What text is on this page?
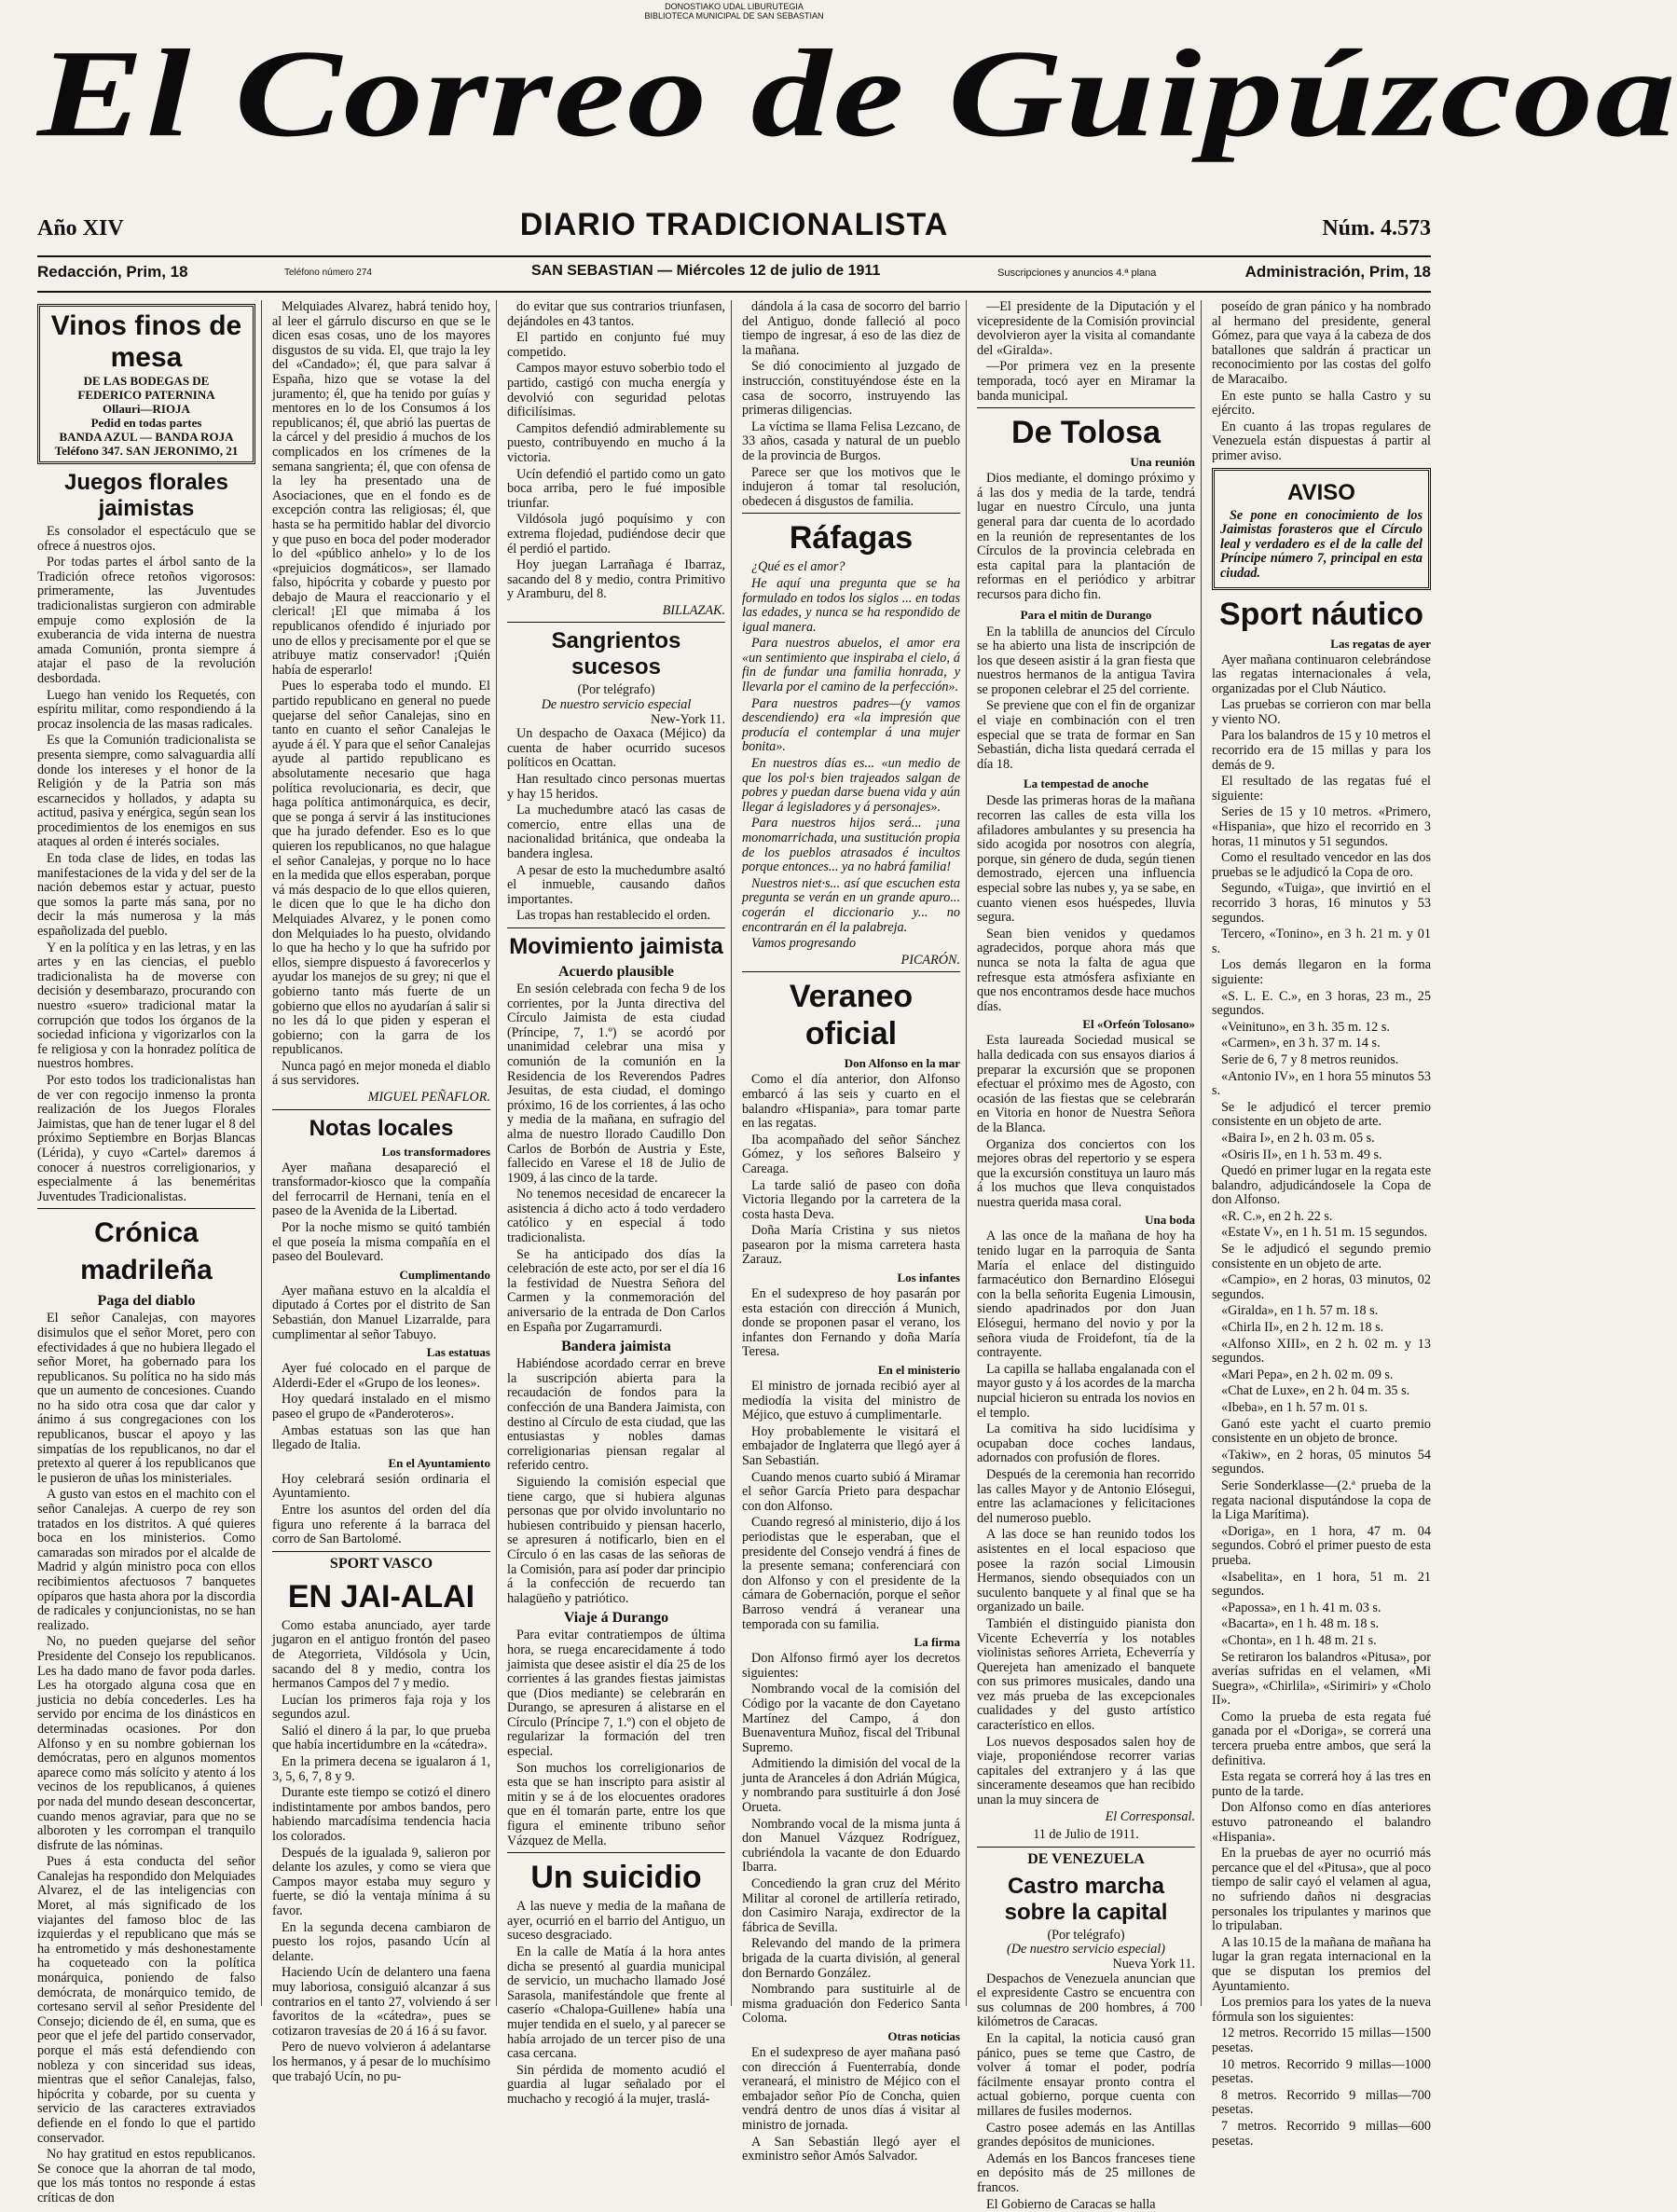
DONOSTIAKO UDAL LIBURUTEGIA
BIBLIOTECA MUNICIPAL DE SAN SEBASTIAN
El Correo de Guipúzcoa
Año XIV	DIARIO TRADICIONALISTA	Núm. 4.573
Redacción, Prim, 18	Teléfono número 274	SAN SEBASTIAN — Miércoles 12 de julio de 1911	Suscripciones y anuncios 4.ª plana	Administración, Prim, 18
Vinos finos de mesa
DE LAS BODEGAS DE
FEDERICO PATERNINA
Ollauri—RIOJA
Pedid en todas partes
BANDA AZUL — BANDA ROJA
Teléfono 347. SAN JERONIMO, 21
Juegos florales jaimistas

Es consolador el espectáculo que se ofrece á nuestros ojos.

Por todas partes el árbol santo de la Tradición ofrece retoños vigorosos: primeramente, las Juventudes tradicionalistas surgieron con admirable empuje como explosión de la exuberancia de vida interna de nuestra amada Comunión, pronta siempre á atajar el paso de la revolución desbordada.

Luego han venido los Requetés, con espíritu militar, como respondiendo á la procaz insolencia de las masas radicales.

Es que la Comunión tradicionalista se presenta siempre, como salvaguardia allí donde los intereses y el honor de la Religión y de la Patria son más escarnecidos y hollados, y adapta su actitud, pasiva y enérgica, según sean los procedimientos de los enemigos en sus ataques al orden é interés sociales.

En toda clase de lides, en todas las manifestaciones de la vida y del ser de la nación debemos estar y actuar, puesto que somos la parte más sana, por no decir la más numerosa y la más españolizada del pueblo.

Y en la política y en las letras, y en las artes y en las ciencias, el pueblo tradicionalista ha de moverse con decisión y desembarazo, procurando con nuestro «suero» tradicional matar la corrupción que todos los órganos de la sociedad inficiona y vigorizarlos con la fe religiosa y con la honradez política de nuestros hombres.

Por esto todos los tradicionalistas han de ver con regocijo inmenso la pronta realización de los Juegos Florales Jaimistas, que han de tener lugar el 8 del próximo Septiembre en Borjas Blancas (Lérida), y cuyo «Cartel» daremos á conocer á nuestros correligionarios, y especialmente á las beneméritas Juventudes Tradicionalistas.

Crónica madrileña
Paga del diablo

El señor Canalejas, con mayores disimulos que el señor Moret, pero con efectividades á que no hubiera llegado el señor Moret, ha gobernado para los republicanos. Su política no ha sido más que un aumento de concesiones. Cuando no ha sido otra cosa que dar calor y ánimo á sus congregaciones con los republicanos, buscar el apoyo y las simpatías de los republicanos, no dar el pretexto al querer á los republicanos que le pusieron de uñas los ministeriales.

A gusto van estos en el machito con el señor Canalejas. A cuerpo de rey son tratados en los distritos. A qué quieres boca en los ministerios. Como camaradas son mirados por el alcalde de Madrid y algún ministro poca con ellos recibimientos afectuosos 7 banquetes opíparos que hasta ahora por la discordia de radicales y conjuncionistas, no se han realizado.

No, no pueden quejarse del señor Presidente del Consejo los republicanos. Les ha dado mano de favor poda darles. Les ha otorgado alguna cosa que en justicia no debía concederles. Les ha servido por encima de los dinásticos en determinadas ocasiones. Por don Alfonso y en su nombre gobiernan los demócratas, pero en algunos momentos aparece como más solícito y atento á los vecinos de los republicanos, á quienes por nada del mundo desean desconcertar, cuando menos agraviar, para que no se alboroten y les corrompan el tranquilo disfrute de las nóminas.

Pues á esta conducta del señor Canalejas ha respondido don Melquiades Alvarez, el de las inteligencias con Moret, al más significado de los viajantes del famoso bloc de las izquierdas y el republicano que más se ha entrometido y más deshonestamente ha coqueteado con la política monárquica, poniendo de falso demócrata, de monárquico temido, de cortesano servil al señor Presidente del Consejo; diciendo de él, en suma, que es peor que el jefe del partido conservador, porque el más está defendiendo con nobleza y con sinceridad sus ideas, mientras que el señor Canalejas, falso, hipócrita y cobarde, por su cuenta y servicio de las caracteres extraviados defiende en el fondo lo que el partido conservador.

No hay gratitud en estos republicanos. Se conoce que la ahorran de tal modo, que los más tontos no responde á estas críticas de don

Melquiades Alvarez, habrá tenido hoy, al leer el gárrulo discurso en que se le dicen esas cosas, uno de los mayores disgustos de su vida. El, que trajo la ley del «Candado»; él, que para salvar á España, hizo que se votase la del juramento; él, que ha tenido por guías y mentores en lo de los Consumos á los republicanos; él, que abrió las puertas de la cárcel y del presidio á muchos de los complicados en los crímenes de la semana sangrienta; él, que con ofensa de la ley ha presentado una de Asociaciones, que en el fondo es de excepción contra las religiosas; él, que hasta se ha permitido hablar del divorcio y que puso en boca del poder moderador lo del «público anhelo» y lo de los «prejuicios dogmáticos», ser llamado falso, hipócrita y cobarde y puesto por debajo de Maura el reaccionario y el clerical! ¡El que mimaba á los republicanos ofendido é injuriado por uno de ellos y precisamente por el que se atribuye matiz conservador! ¡Quién había de esperarlo!

Pues lo esperaba todo el mundo. El partido republicano en general no puede quejarse del señor Canalejas, sino en tanto en cuanto el señor Canalejas le ayude á él. Y para que el señor Canalejas ayude al partido republicano es absolutamente necesario que haga política revolucionaria, es decir, que haga política antimonárquica, es decir, que se ponga á servir á las instituciones que ha jurado defender. Eso es lo que quieren los republicanos, no que halague el señor Canalejas, y porque no lo hace en la medida que ellos esperaban, porque vá más despacio de lo que ellos quieren, le dicen que lo que le ha dicho don Melquiades Alvarez, y le ponen como don Melquiades lo ha puesto, olvidando lo que ha hecho y lo que ha sufrido por ellos, siempre dispuesto á favorecerlos y ayudar los manejos de su grey; ni que el gobierno tanto más fuerte de un gobierno que ellos no ayudarían á salir si no les dá lo que piden y esperan el gobierno; con la garra de los republicanos.

Nunca pagó en mejor moneda el diablo á sus servidores.

MIGUEL PEÑAFLOR.
Notas locales
Los transformadores

Ayer mañana desapareció el transformador-kiosco que la compañía del ferrocarril de Hernani, tenía en el paseo de la Avenida de la Libertad.

Por la noche mismo se quitó también el que poseía la misma compañía en el paseo del Boulevard.

Cumplimentando

Ayer mañana estuvo en la alcaldía el diputado á Cortes por el distrito de San Sebastián, don Manuel Lizarralde, para cumplimentar al señor Tabuyo.

Las estatuas

Ayer fué colocado en el parque de Alderdi-Eder el «Grupo de los leones».

Hoy quedará instalado en el mismo paseo el grupo de «Panderoteros».

Ambas estatuas son las que han llegado de Italia.

En el Ayuntamiento

Hoy celebrará sesión ordinaria el Ayuntamiento.

Entre los asuntos del orden del día figura uno referente á la barraca del corro de San Bartolomé.

SPORT VASCO
EN JAI-ALAI

Como estaba anunciado, ayer tarde jugaron en el antiguo frontón del paseo de Ategorrieta, Vildósola y Ucin, sacando del 8 y medio, contra los hermanos Campos del 7 y medio.

Lucían los primeros faja roja y los segundos azul.

Salió el dinero á la par, lo que prueba que había incertidumbre en la «cátedra».

En la primera decena se igualaron á 1, 3, 5, 6, 7, 8 y 9.

Durante este tiempo se cotizó el dinero indistintamente por ambos bandos, pero habiendo marcadísima tendencia hacia los colorados.

Después de la igualada 9, salieron por delante los azules, y como se viera que Campos mayor estaba muy seguro y fuerte, se dió la ventaja mínima á su favor.

En la segunda decena cambiaron de puesto los rojos, pasando Ucín al delante.

Haciendo Ucín de delantero una faena muy laboriosa, consiguió alcanzar á sus contrarios en el tanto 27, volviendo á ser favoritos de la «cátedra», pues se cotizaron travesías de 20 á 16 á su favor.

Pero de nuevo volvieron á adelantarse los hermanos, y á pesar de lo muchísimo que trabajó Ucín, no pu-

do evitar que sus contrarios triunfasen, dejándoles en 43 tantos.

El partido en conjunto fué muy competido.

Campos mayor estuvo soberbio todo el partido, castigó con mucha energía y devolvió con seguridad pelotas dificilísimas.

Campitos defendió admirablemente su puesto, contribuyendo en mucho á la victoria.

Ucín defendió el partido como un gato boca arriba, pero le fué imposible triunfar.

Vildósola jugó poquísimo y con extrema flojedad, pudiéndose decir que él perdió el partido.

Hoy juegan Larrañaga é Ibarraz, sacando del 8 y medio, contra Primitivo y Aramburu, del 8.

BILLAZAK.
Sangrientos sucesos
(Por telégrafo)
De nuestro servicio especial
New-York 11.

Un despacho de Oaxaca (Méjico) da cuenta de haber ocurrido sucesos políticos en Ocattan.

Han resultado cinco personas muertas y hay 15 heridos.

La muchedumbre atacó las casas de comercio, entre ellas una de nacionalidad británica, que ondeaba la bandera inglesa.

A pesar de esto la muchedumbre asaltó el inmueble, causando daños importantes.

Las tropas han restablecido el orden.

Movimiento jaimista
Acuerdo plausible

En sesión celebrada con fecha 9 de los corrientes, por la Junta directiva del Círculo Jaimista de esta ciudad (Príncipe, 7, 1.º) se acordó por unanimidad celebrar una misa y comunión de la comunión en la Residencia de los Reverendos Padres Jesuitas, de esta ciudad, el domingo próximo, 16 de los corrientes, á las ocho y media de la mañana, en sufragio del alma de nuestro llorado Caudillo Don Carlos de Borbón de Austria y Este, fallecido en Varese el 18 de Julio de 1909, á las cinco de la tarde.

No tenemos necesidad de encarecer la asistencia á dicho acto á todo verdadero católico y en especial á todo tradicionalista.

Se ha anticipado dos días la celebración de este acto, por ser el día 16 la festividad de Nuestra Señora del Carmen y la conmemoración del aniversario de la entrada de Don Carlos en España por Zugarramurdi.

Bandera jaimista

Habiéndose acordado cerrar en breve la suscripción abierta para la recaudación de fondos para la confección de una Bandera Jaimista, con destino al Círculo de esta ciudad, que las entusiastas y nobles damas correligionarias piensan regalar al referido centro.

Siguiendo la comisión especial que tiene cargo, que si hubiera algunas personas que por olvido involuntario no hubiesen contribuido y piensan hacerlo, se apresuren á notificarlo, bien en el Círculo ó en las casas de las señoras de la Comisión, para así poder dar principio á la confección de recuerdo tan halagüeño y patriótico.

Viaje á Durango

Para evitar contratiempos de última hora, se ruega encarecidamente á todo jaimista que desee asistir el día 25 de los corrientes á las grandes fiestas jaimistas que (Dios mediante) se celebrarán en Durango, se apresuren á alistarse en el Círculo (Príncipe 7, 1.º) con el objeto de regularizar la formación del tren especial.

Son muchos los correligionarios de esta que se han inscripto para asistir al mitin y se á de los elocuentes oradores que en él tomarán parte, entre los que figura el eminente tribuno señor Vázquez de Mella.

Un suicidio

A las nueve y media de la mañana de ayer, ocurrió en el barrio del Antiguo, un suceso desgraciado.

En la calle de Matía á la hora antes dicha se presentó al guardia municipal de servicio, un muchacho llamado José Sarasola, manifestándole que frente al caserío «Chalopa-Guillene» había una mujer tendida en el suelo, y al parecer se había arrojado de un tercer piso de una casa cercana.

Sin pérdida de momento acudió el guardia al lugar señalado por el muchacho y recogió á la mujer, traslá-

dándola á la casa de socorro del barrio del Antiguo, donde falleció al poco tiempo de ingresar, á eso de las diez de la mañana.

Se dió conocimiento al juzgado de instrucción, constituyéndose éste en la casa de socorro, instruyendo las primeras diligencias.

La víctima se llama Felisa Lezcano, de 33 años, casada y natural de un pueblo de la provincia de Burgos.

Parece ser que los motivos que le indujeron á tomar tal resolución, obedecen á disgustos de familia.

Ráfagas

¿Qué es el amor?

He aquí una pregunta que se ha formulado en todos los siglos ... en todas las edades, y nunca se ha respondido de igual manera.

Para nuestros abuelos, el amor era «un sentimiento que inspiraba el cielo, á fin de fundar una familia honrada, y llevarla por el camino de la perfección».

Para nuestros padres—(y vamos descendiendo) era «la impresión que producía el contemplar á una mujer bonita».

En nuestros días es... «un medio de que los pol·s bien trajeados salgan de pobres y puedan darse buena vida y aún llegar á legisladores y á personajes».

Para nuestros hijos será... ¡una monomarrichada, una sustitución propia de los pueblos atrasados é incultos porque entonces... ya no habrá familia!

Nuestros niet·s... así que escuchen esta pregunta se verán en un grande apuro... cogerán el diccionario y... no encontrarán en él la palabreja.

Vamos progresando

PICARÓN.
Veraneo oficial
Don Alfonso en la mar

Como el día anterior, don Alfonso embarcó á las seis y cuarto en el balandro «Hispania», para tomar parte en las regatas.

Iba acompañado del señor Sánchez Gómez, y los señores Balseiro y Careaga.

La tarde salió de paseo con doña Victoria llegando por la carretera de la costa hasta Deva.

Doña María Cristina y sus nietos pasearon por la misma carretera hasta Zarauz.

Los infantes

En el sudexpreso de hoy pasarán por esta estación con dirección á Munich, donde se proponen pasar el verano, los infantes don Fernando y doña María Teresa.

En el ministerio

El ministro de jornada recibió ayer al mediodía la visita del ministro de Méjico, que estuvo á cumplimentarle.

Hoy probablemente le visitará el embajador de Inglaterra que llegó ayer á San Sebastián.

Cuando menos cuarto subió á Miramar el señor García Prieto para despachar con don Alfonso.

Cuando regresó al ministerio, dijo á los periodistas que le esperaban, que el presidente del Consejo vendrá á fines de la presente semana; conferenciará con don Alfonso y con el presidente de la cámara de Gobernación, porque el señor Barroso vendrá á veranear una temporada con su familia.

La firma

Don Alfonso firmó ayer los decretos siguientes:

Nombrando vocal de la comisión del Código por la vacante de don Cayetano Martínez del Campo, á don Buenaventura Muñoz, fiscal del Tribunal Supremo.

Admitiendo la dimisión del vocal de la junta de Aranceles á don Adrián Múgica, y nombrando para sustituirle á don José Orueta.

Nombrando vocal de la misma junta á don Manuel Vázquez Rodríguez, cubriéndola la vacante de don Eduardo Ibarra.

Concediendo la gran cruz del Mérito Militar al coronel de artillería retirado, don Casimiro Naraja, exdirector de la fábrica de Sevilla.

Relevando del mando de la primera brigada de la cuarta división, al general don Bernardo González.

Nombrando para sustituirle al de misma graduación don Federico Santa Coloma.

Otras noticias

En el sudexpreso de ayer mañana pasó con dirección á Fuenterrabía, donde veraneará, el ministro de Méjico con el embajador señor Pío de Concha, quien vendrá dentro de unos días á visitar al ministro de jornada.

A San Sebastián llegó ayer el exministro señor Amós Salvador.

—El presidente de la Diputación y el vicepresidente de la Comisión provincial devolvieron ayer la visita al comandante del «Giralda».

—Por primera vez en la presente temporada, tocó ayer en Miramar la banda municipal.

De Tolosa
Una reunión

Dios mediante, el domingo próximo y á las dos y media de la tarde, tendrá lugar en nuestro Círculo, una junta general para dar cuenta de lo acordado en la reunión de representantes de los Círculos de la provincia celebrada en esta capital para la plantación de reformas en el periódico y arbitrar recursos para dicho fin.

Para el mitin de Durango

En la tablilla de anuncios del Círculo se ha abierto una lista de inscripción de los que deseen asistir á la gran fiesta que nuestros hermanos de la antigua Tavira se proponen celebrar el 25 del corriente.

Se previene que con el fin de organizar el viaje en combinación con el tren especial que se trata de formar en San Sebastián, dicha lista quedará cerrada el día 18.

La tempestad de anoche

Desde las primeras horas de la mañana recorren las calles de esta villa los afiladores ambulantes y su presencia ha sido acogida por nosotros con alegría, porque, sin género de duda, según tienen demostrado, ejercen una influencia especial sobre las nubes y, ya se sabe, en cuanto vienen esos huéspedes, lluvia segura.

Sean bien venidos y quedamos agradecidos, porque ahora más que nunca se nota la falta de agua que refresque esta atmósfera asfixiante en que nos encontramos desde hace muchos días.

El «Orfeón Tolosano»

Esta laureada Sociedad musical se halla dedicada con sus ensayos diarios á preparar la excursión que se proponen efectuar el próximo mes de Agosto, con ocasión de las fiestas que se celebrarán en Vitoria en honor de Nuestra Señora de la Blanca.

Organiza dos conciertos con los mejores obras del repertorio y se espera que la excursión constituya un lauro más á los muchos que lleva conquistados nuestra querida masa coral.

Una boda

A las once de la mañana de hoy ha tenido lugar en la parroquia de Santa María el enlace del distinguido farmacéutico don Bernardino Elósegui con la bella señorita Eugenia Limousin, siendo apadrinados por don Juan Elósegui, hermano del novio y por la señora viuda de Froidefont, tía de la contrayente.

La capilla se hallaba engalanada con el mayor gusto y á los acordes de la marcha nupcial hicieron su entrada los novios en el templo.

La comitiva ha sido lucidísima y ocupaban doce coches landaus, adornados con profusión de flores.

Después de la ceremonia han recorrido las calles Mayor y de Antonio Elósegui, entre las aclamaciones y felicitaciones del numeroso pueblo.

A las doce se han reunido todos los asistentes en el local espacioso que posee la razón social Limousin Hermanos, siendo obsequiados con un suculento banquete y al final que se ha organizado un baile.

También el distinguido pianista don Vicente Echeverría y los notables violinistas señores Arrieta, Echeverría y Querejeta han amenizado el banquete con sus primores musicales, dando una vez más prueba de las excepcionales cualidades y del gusto artístico característico en ellos.

Los nuevos desposados salen hoy de viaje, proponiéndose recorrer varias capitales del extranjero y á las que sinceramente deseamos que han recibido unan la muy sincera de

El Corresponsal.
11 de Julio de 1911.
DE VENEZUELA
Castro marcha sobre la capital
(Por telégrafo)
(De nuestro servicio especial)
Nueva York 11.

Despachos de Venezuela anuncian que el expresidente Castro se encuentra con sus columnas de 200 hombres, á 700 kilómetros de Caracas.

En la capital, la noticia causó gran pánico, pues se teme que Castro, de volver á tomar el poder, podría fácilmente ensayar pronto contra el actual gobierno, porque cuenta con millares de fusiles modernos.

Castro posee además en las Antillas grandes depósitos de municiones.

Además en los Bancos franceses tiene en depósito más de 25 millones de francos.

El Gobierno de Caracas se halla

poseído de gran pánico y ha nombrado al hermano del presidente, general Gómez, para que vaya á la cabeza de dos batallones que saldrán á practicar un reconocimiento por las costas del golfo de Maracaibo.

En este punto se halla Castro y su ejército.

En cuanto á las tropas regulares de Venezuela están dispuestas á partir al primer aviso.

AVISO

Se pone en conocimiento de los Jaimistas forasteros que el Círculo leal y verdadero es el de la calle del Príncipe número 7, principal en esta ciudad.

Sport náutico
Las regatas de ayer

Ayer mañana continuaron celebrándose las regatas internacionales á vela, organizadas por el Club Náutico.

Las pruebas se corrieron con mar bella y viento NO.

Para los balandros de 15 y 10 metros el recorrido era de 15 millas y para los demás de 9.

El resultado de las regatas fué el siguiente:

Series de 15 y 10 metros. «Primero, «Hispania», que hizo el recorrido en 3 horas, 11 minutos y 51 segundos.

Como el resultado vencedor en las dos pruebas se le adjudicó la Copa de oro.

Segundo, «Tuiga», que invirtió en el recorrido 3 horas, 16 minutos y 53 segundos.

Tercero, «Tonino», en 3 h. 21 m. y 01 s.

Los demás llegaron en la forma siguiente:

«S. L. E. C.», en 3 horas, 23 m., 25 segundos.

«Veinituno», en 3 h. 35 m. 12 s.

«Carmen», en 3 h. 37 m. 14 s.

Serie de 6, 7 y 8 metros reunidos.

«Antonio IV», en 1 hora 55 minutos 53 s.

Se le adjudicó el tercer premio consistente en un objeto de arte.

«Baira I», en 2 h. 03 m. 05 s.

«Osiris II», en 1 h. 53 m. 49 s.

Quedó en primer lugar en la regata este balandro, adjudicándosele la Copa de don Alfonso.

«R. C.», en 2 h. 22 s.

«Estate V», en 1 h. 51 m. 15 segundos.

Se le adjudicó el segundo premio consistente en un objeto de arte.

«Campio», en 2 horas, 03 minutos, 02 segundos.

«Giralda», en 1 h. 57 m. 18 s.

«Chirla II», en 2 h. 12 m. 18 s.

«Alfonso XIII», en 2 h. 02 m. y 13 segundos.

«Mari Pepa», en 2 h. 02 m. 09 s.

«Chat de Luxe», en 2 h. 04 m. 35 s.

«Ibeba», en 1 h. 57 m. 01 s.

Ganó este yacht el cuarto premio consistente en un objeto de bronce.

«Takiw», en 2 horas, 05 minutos 54 segundos.

Serie Sonderklasse—(2.ª prueba de la regata nacional disputándose la copa de la Liga Marítima).

«Doriga», en 1 hora, 47 m. 04 segundos. Cobró el primer puesto de esta prueba.

«Isabelita», en 1 hora, 51 m. 21 segundos.

«Papossa», en 1 h. 41 m. 03 s.

«Bacarta», en 1 h. 48 m. 18 s.

«Chonta», en 1 h. 48 m. 21 s.

Se retiraron los balandros «Pitusa», por averías sufridas en el velamen, «Mi Suegra», «Chirlila», «Sirimiri» y «Cholo II».

Como la prueba de esta regata fué ganada por el «Doriga», se correrá una tercera prueba entre ambos, que será la definitiva.

Esta regata se correrá hoy á las tres en punto de la tarde.

Don Alfonso como en días anteriores estuvo patroneando el balandro «Hispania».

En la pruebas de ayer no ocurrió más percance que el del «Pitusa», que al poco tiempo de salir cayó el velamen al agua, no sufriendo daños ni desgracias personales los tripulantes y marinos que lo tripulaban.

A las 10.15 de la mañana de mañana ha lugar la gran regata internacional en la que se disputan los premios del Ayuntamiento.

Los premios para los yates de la nueva fórmula son los siguientes:

12 metros. Recorrido 15 millas—1500 pesetas.

10 metros. Recorrido 9 millas—1000 pesetas.

8 metros. Recorrido 9 millas—700 pesetas.

7 metros. Recorrido 9 millas—600 pesetas.
